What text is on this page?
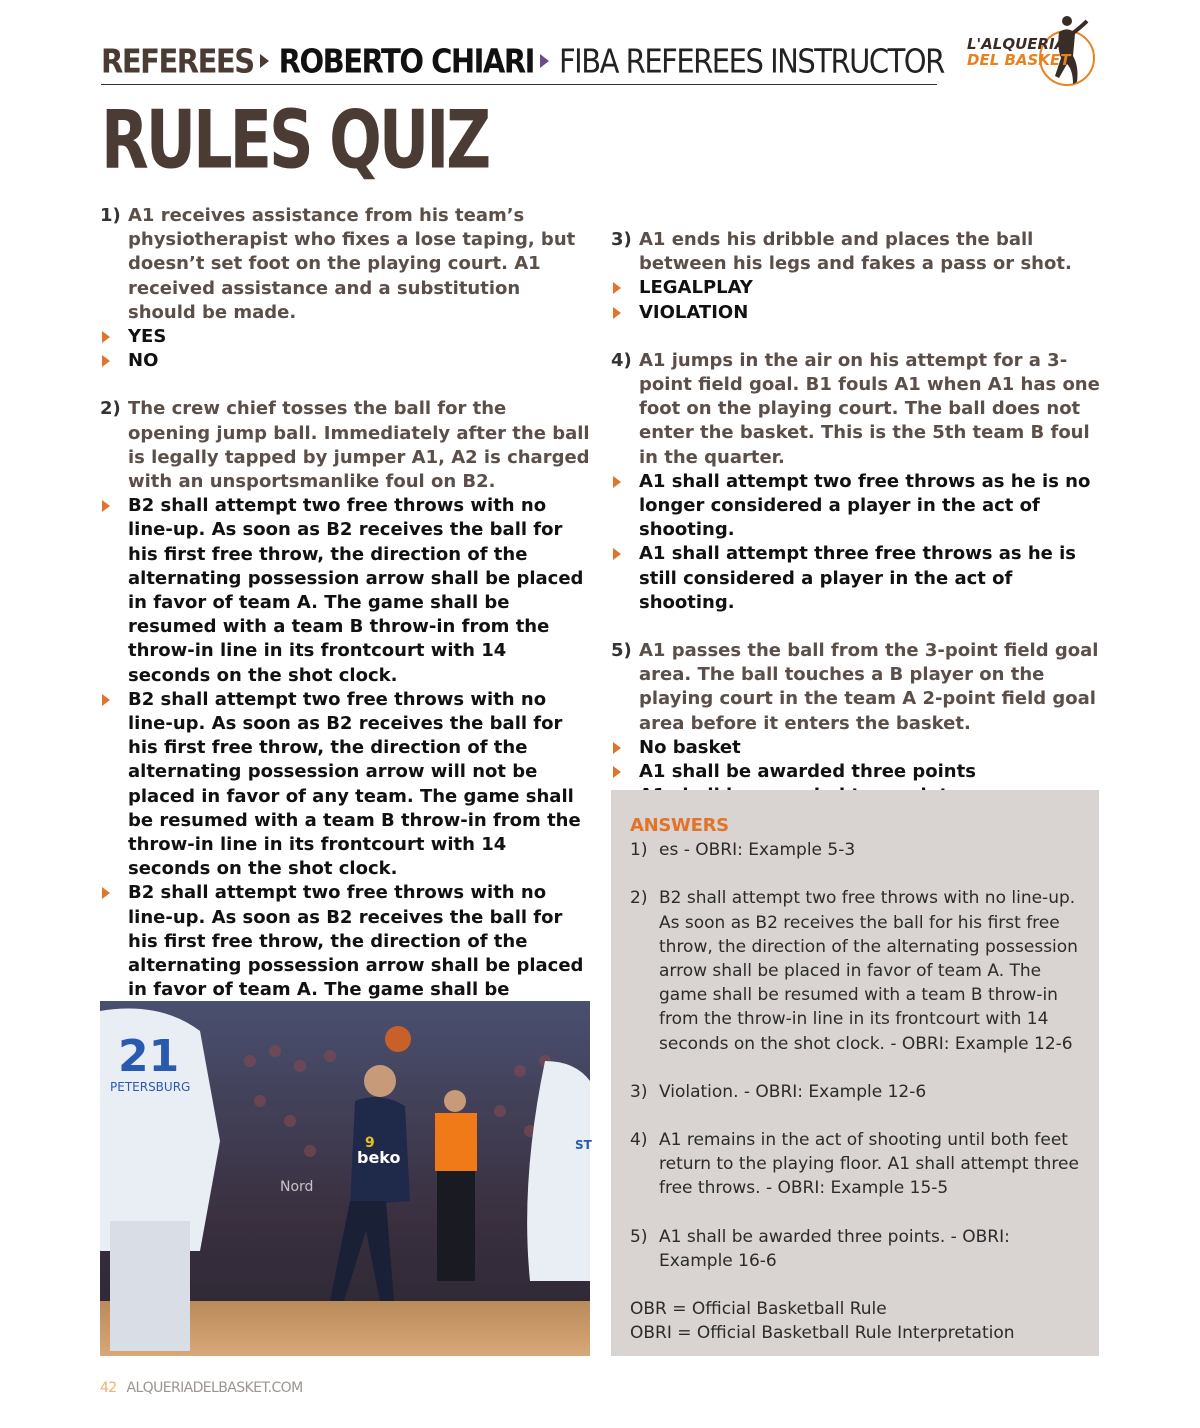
REFEREES ROBERTO CHIARI FIBA REFEREES INSTRUCTOR L'ALQUERIA
DEL BASKET
RULES QUIZ
1) A1 receives assistance from his team’s physiotherapist who fixes a lose taping, but doesn’t set foot on the playing court. A1 received assistance and a substitution should be made.
YES
NO
2) The crew chief tosses the ball for the opening jump ball. Immediately after the ball is legally tapped by jumper A1, A2 is charged with an unsportsmanlike foul on B2.
B2 shall attempt two free throws with no line-up. As soon as B2 receives the ball for his first free throw, the direction of the alternating possession arrow shall be placed in favor of team A. The game shall be resumed with a team B throw-in from the throw-in line in its frontcourt with 14 seconds on the shot clock.
B2 shall attempt two free throws with no line-up. As soon as B2 receives the ball for his first free throw, the direction of the alternating possession arrow will not be placed in favor of any team. The game shall be resumed with a team B throw-in from the throw-in line in its frontcourt with 14 seconds on the shot clock.
B2 shall attempt two free throws with no line-up. As soon as B2 receives the ball for his first free throw, the direction of the alternating possession arrow shall be placed in favor of team A. The game shall be
3) A1 ends his dribble and places the ball between his legs and fakes a pass or shot.
LEGALPLAY
VIOLATION
4) A1 jumps in the air on his attempt for a 3-point field goal. B1 fouls A1 when A1 has one foot on the playing court. The ball does not enter the basket. This is the 5th team B foul in the quarter.
A1 shall attempt two free throws as he is no longer considered a player in the act of shooting.
A1 shall attempt three free throws as he is still considered a player in the act of shooting.
5) A1 passes the ball from the 3-point field goal area. The ball touches a B player on the playing court in the team A 2-point field goal area before it enters the basket.
No basket
A1 shall be awarded three points
21
PETERSBURG
beko
9	ST
Nord
ANSWERS
1) es - OBRI: Example 5-3
2) B2 shall attempt two free throws with no line-up. As soon as B2 receives the ball for his first free throw, the direction of the alternating possession arrow shall be placed in favor of team A. The game shall be resumed with a team B throw-in from the throw-in line in its frontcourt with 14 seconds on the shot clock. - OBRI: Example 12-6
3) Violation. - OBRI: Example 12-6
4) A1 remains in the act of shooting until both feet return to the playing floor. A1 shall attempt three free throws. - OBRI: Example 15-5
5) A1 shall be awarded three points. - OBRI: Example 16-6
OBR = Official Basketball Rule
OBRI = Official Basketball Rule Interpretation
42 ALQUERIADELBASKET.COM
